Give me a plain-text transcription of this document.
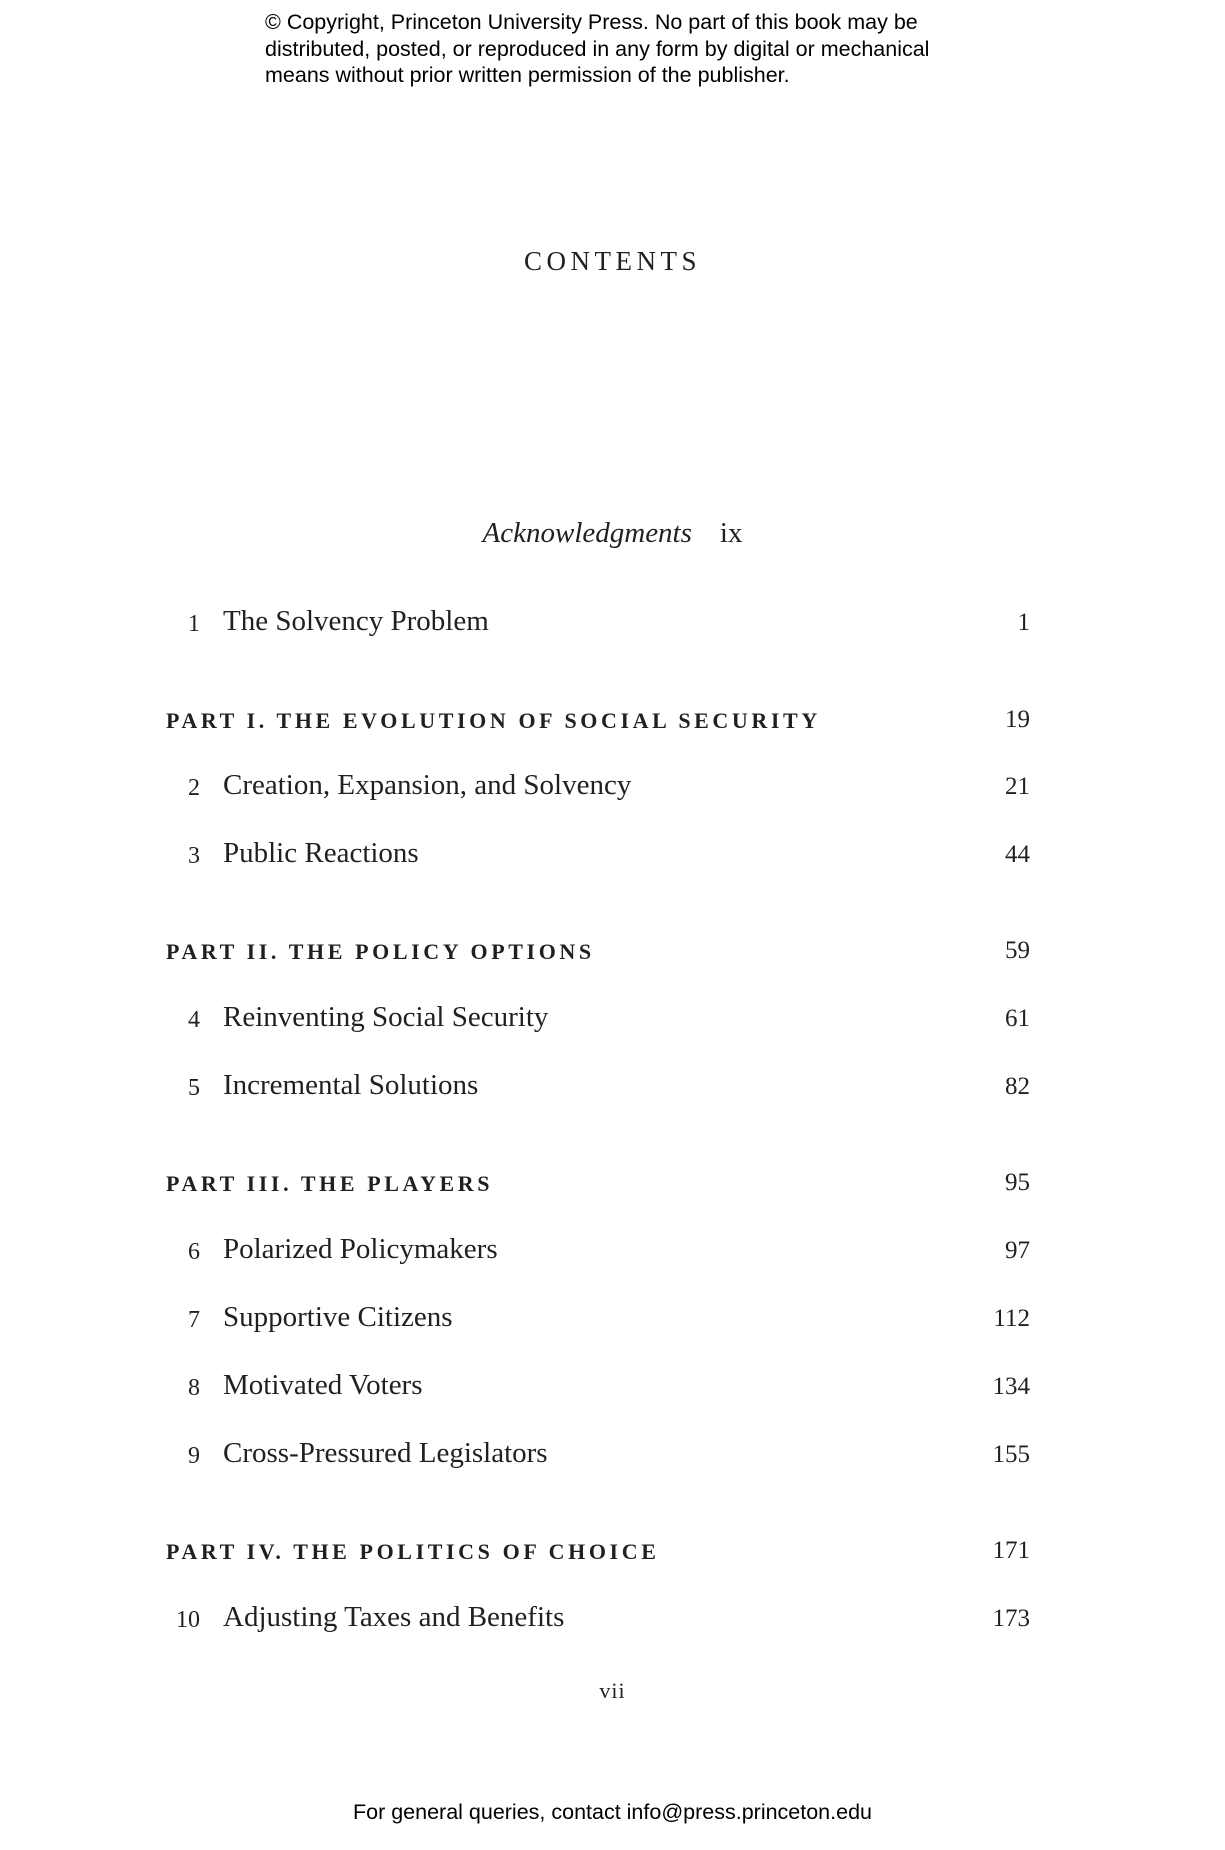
© Copyright, Princeton University Press. No part of this book may be
distributed, posted, or reproduced in any form by digital or mechanical
means without prior written permission of the publisher.
CONTENTS
Acknowledgments ix
1 The Solvency Problem	1
PART I. THE EVOLUTION OF SOCIAL SECURITY	19
2 Creation, Expansion, and Solvency	21
3 Public Reactions	44
PART II. THE POLICY OPTIONS	59
4 Reinventing Social Security	61
5 Incremental Solutions	82
PART III. THE PLAYERS	95
6 Polarized Policymakers	97
7 Supportive Citizens	112
8 Motivated Voters	134
9 Cross-Pressured Legislators	155
PART IV. THE POLITICS OF CHOICE	171
10 Adjusting Taxes and Benefits	173
vii
For general queries, contact info@press.princeton.edu
